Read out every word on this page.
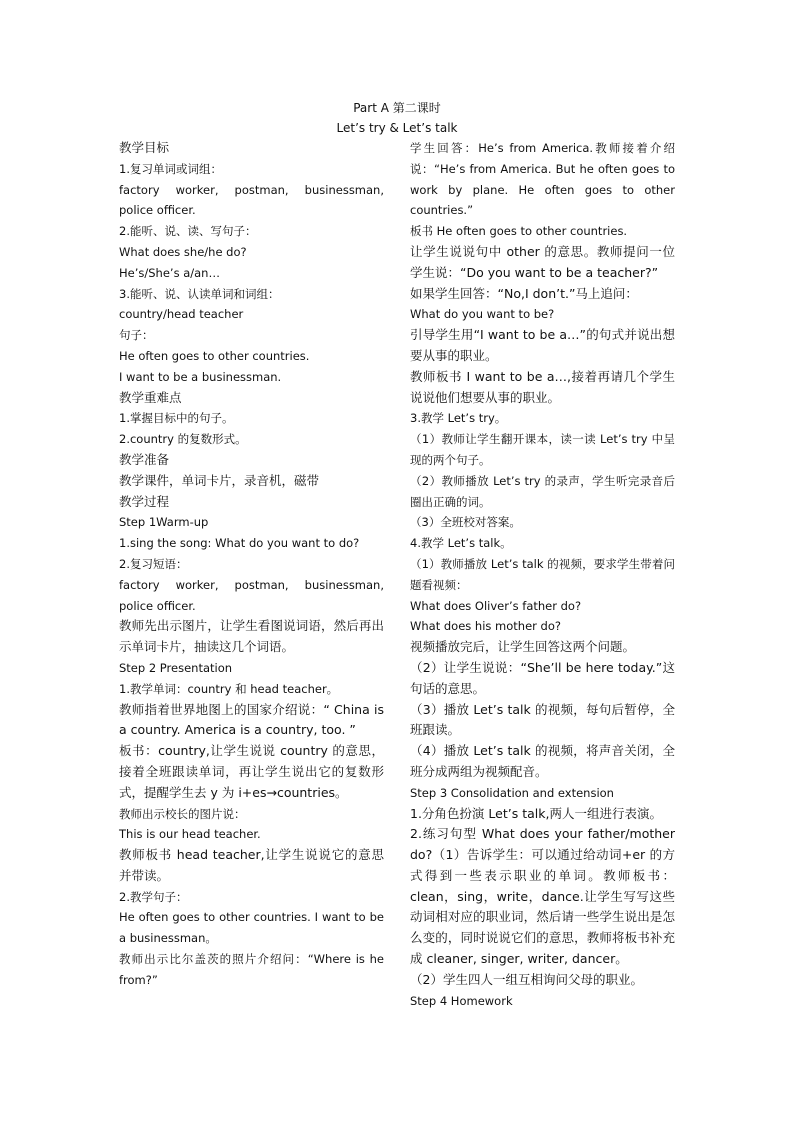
Part A 第二课时
Let’s try & Let’s talk

教学目标

1.复习单词或词组：

factory worker, postman, businessman, police officer.

2.能听、说、读、写句子：

What does she/he do?

He’s/She’s a/an…

3.能听、说、认读单词和词组：

country/head teacher

句子：

He often goes to other countries.

I want to be a businessman.

教学重难点

1.掌握目标中的句子。

2.country 的复数形式。

教学准备

教学课件，单词卡片，录音机，磁带

教学过程

Step 1Warm-up

1.sing the song: What do you want to do?

2.复习短语：

factory worker, postman, businessman, police officer.

教师先出示图片，让学生看图说词语，然后再出示单词卡片，抽读这几个词语。

Step 2 Presentation

1.教学单词：country 和 head teacher。

教师指着世界地图上的国家介绍说：“ China is a country. America is a country, too. ”

板书：country,让学生说说 country 的意思，接着全班跟读单词，再让学生说出它的复数形式，提醒学生去 y 为 i+es→countries。

教师出示校长的图片说：

This is our head teacher.

教师板书 head teacher,让学生说说它的意思并带读。

2.教学句子：

He often goes to other countries. I want to be a businessman。

教师出示比尔盖茨的照片介绍问：“Where is he from?”

学生回答：He’s from America.教师接着介绍说：“He’s from America. But he often goes to work by plane. He often goes to other countries.”

板书 He often goes to other countries.

让学生说说句中 other 的意思。教师提问一位学生说：“Do you want to be a teacher?”

如果学生回答：“No,I don’t.”马上追问：

What do you want to be?

引导学生用“I want to be a…”的句式并说出想要从事的职业。

教师板书 I want to be a…,接着再请几个学生说说他们想要从事的职业。

3.教学 Let’s try。

（1）教师让学生翻开课本，读一读 Let’s try 中呈现的两个句子。

（2）教师播放 Let’s try 的录声，学生听完录音后圈出正确的词。

（3）全班校对答案。

4.教学 Let’s talk。

（1）教师播放 Let’s talk 的视频，要求学生带着问题看视频：

What does Oliver’s father do?

What does his mother do?

视频播放完后，让学生回答这两个问题。

（2）让学生说说：“She’ll be here today.”这句话的意思。

（3）播放 Let’s talk 的视频，每句后暂停，全班跟读。

（4）播放 Let’s talk 的视频，将声音关闭，全班分成两组为视频配音。

Step 3 Consolidation and extension

1.分角色扮演 Let’s talk,两人一组进行表演。

2.练习句型 What does your father/mother do?（1）告诉学生：可以通过给动词+er 的方式得到一些表示职业的单词。教师板书：clean，sing，write，dance.让学生写写这些动词相对应的职业词，然后请一些学生说出是怎么变的，同时说说它们的意思，教师将板书补充成 cleaner, singer, writer, dancer。

（2）学生四人一组互相询问父母的职业。

Step 4 Homework
